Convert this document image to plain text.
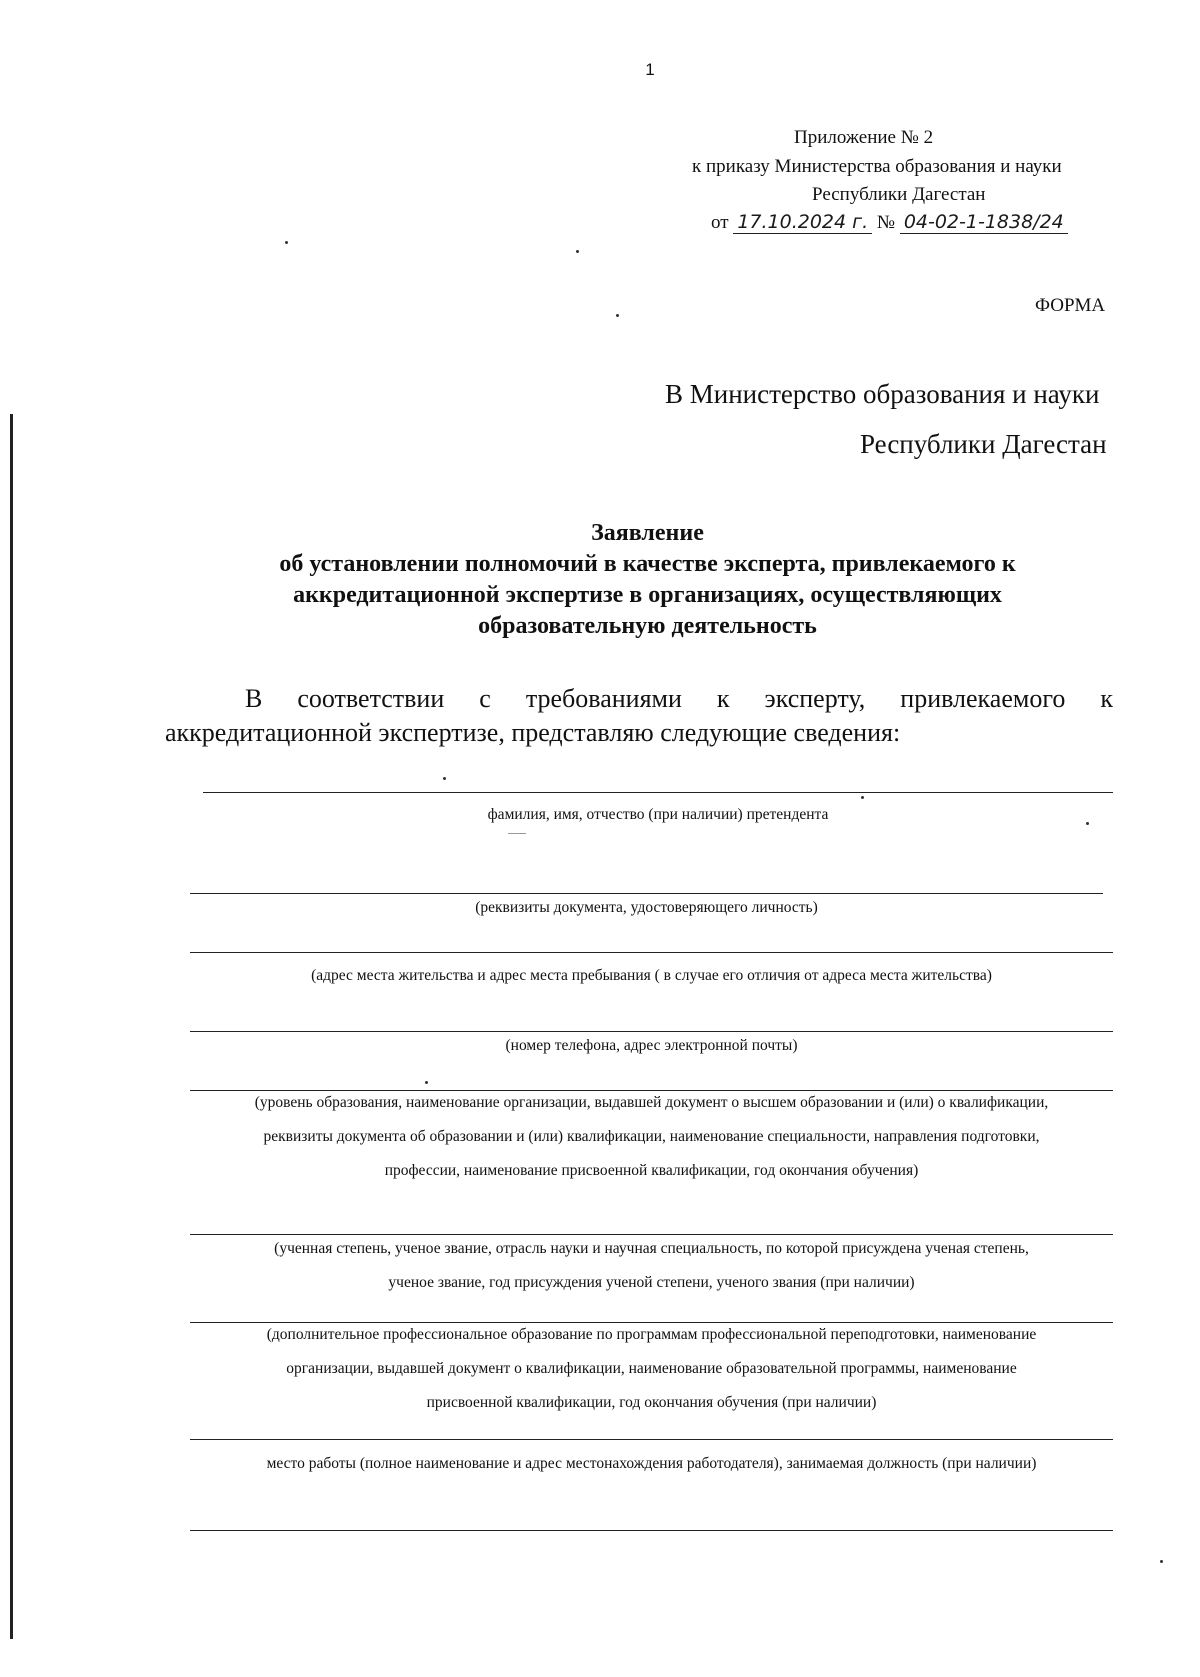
1
Приложение № 2
к приказу Министерства образования и науки
Республики Дагестан
от 17.10.2024 г. № 04-02-1-1838/24
ФОРМА
В Министерство образования и науки
Республики Дагестан
Заявление
об установлении полномочий в качестве эксперта, привлекаемого к
аккредитационной экспертизе в организациях, осуществляющих
образовательную деятельность
В соответствии с требованиями к эксперту, привлекаемого к
аккредитационной экспертизе, представляю следующие сведения:
фамилия, имя, отчество (при наличии) претендента
(реквизиты документа, удостоверяющего личность)
(адрес места жительства и адрес места пребывания ( в случае его отличия от адреса места жительства)
(номер телефона, адрес электронной почты)
(уровень образования, наименование организации, выдавшей документ о высшем образовании и (или) о квалификации,
реквизиты документа об образовании и (или) квалификации, наименование специальности, направления подготовки,
профессии, наименование присвоенной квалификации, год окончания обучения)
(ученная степень, ученое звание, отрасль науки и научная специальность, по которой присуждена ученая степень,
ученое звание, год присуждения ученой степени, ученого звания (при наличии)
(дополнительное профессиональное образование по программам профессиональной переподготовки, наименование
организации, выдавшей документ о квалификации, наименование образовательной программы, наименование
присвоенной квалификации, год окончания обучения (при наличии)
место работы (полное наименование и адрес местонахождения работодателя), занимаемая должность (при наличии)
